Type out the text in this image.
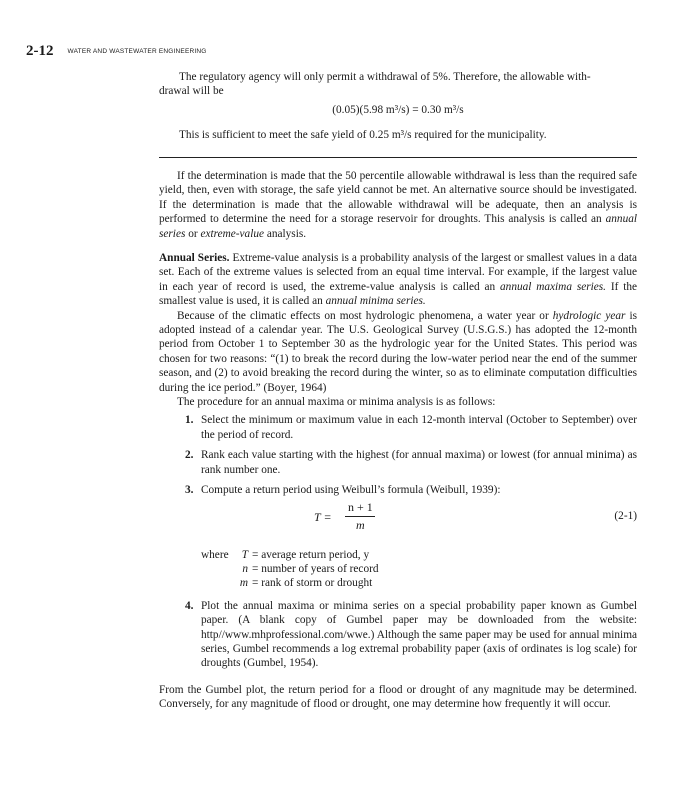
2-12 WATER AND WASTEWATER ENGINEERING

The regulatory agency will only permit a withdrawal of 5%. Therefore, the allowable with-

drawal will be

(0.05)(5.98 m³/s) = 0.30 m³/s
This is sufficient to meet the safe yield of 0.25 m³/s required for the municipality.

If the determination is made that the 50 percentile allowable withdrawal is less than the required safe yield, then, even with storage, the safe yield cannot be met. An alternative source should be investigated. If the determination is made that the allowable withdrawal will be adequate, then an analysis is performed to determine the need for a storage reservoir for droughts. This analysis is called an annual series or extreme-value analysis.

Annual Series. Extreme-value analysis is a probability analysis of the largest or smallest values in a data set. Each of the extreme values is selected from an equal time interval. For example, if the largest value in each year of record is used, the extreme-value analysis is called an annual maxima series. If the smallest value is used, it is called an annual minima series.

Because of the climatic effects on most hydrologic phenomena, a water year or hydrologic year is adopted instead of a calendar year. The U.S. Geological Survey (U.S.G.S.) has adopted the 12-month period from October 1 to September 30 as the hydrologic year for the United States. This period was chosen for two reasons: “(1) to break the record during the low-water period near the end of the summer season, and (2) to avoid breaking the record during the winter, so as to eliminate computation difficulties during the ice period.” (Boyer, 1964)

The procedure for an annual maxima or minima analysis is as follows:

1. Select the minimum or maximum value in each 12-month interval (October to September) over the period of record.
2. Rank each value starting with the highest (for annual maxima) or lowest (for annual minima) as rank number one.
3. Compute a return period using Weibull’s formula (Weibull, 1939):
T =
n + 1
m
(2-1)
where	T = average return period, y
n = number of years of record
m = rank of storm or drought
4. Plot the annual maxima or minima series on a special probability paper known as Gumbel paper. (A blank copy of Gumbel paper may be downloaded from the website: http//www.mhprofessional.com/wwe.) Although the same paper may be used for annual minima series, Gumbel recommends a log extremal probability paper (axis of ordinates is log scale) for droughts (Gumbel, 1954).

From the Gumbel plot, the return period for a flood or drought of any magnitude may be determined. Conversely, for any magnitude of flood or drought, one may determine how frequently it will occur.
